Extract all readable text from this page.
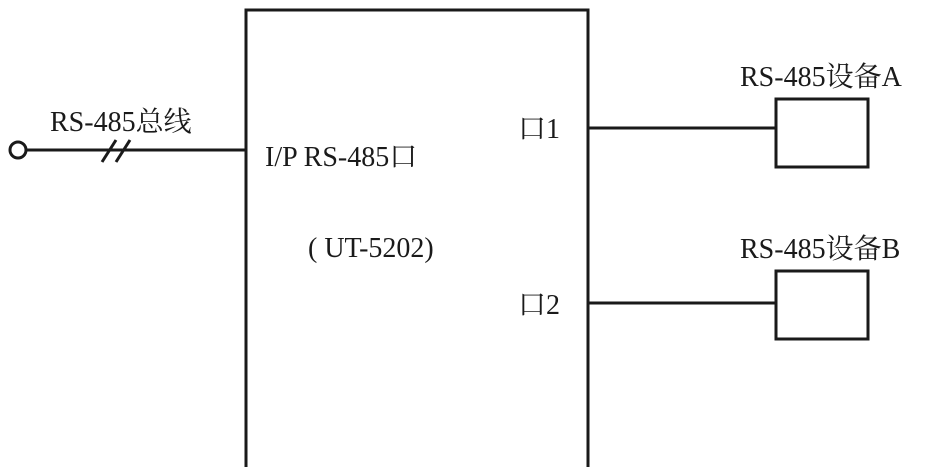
RS-485总线
I/P RS-485口
( UT-5202)
口1
口2
RS-485设备A
RS-485设备B
